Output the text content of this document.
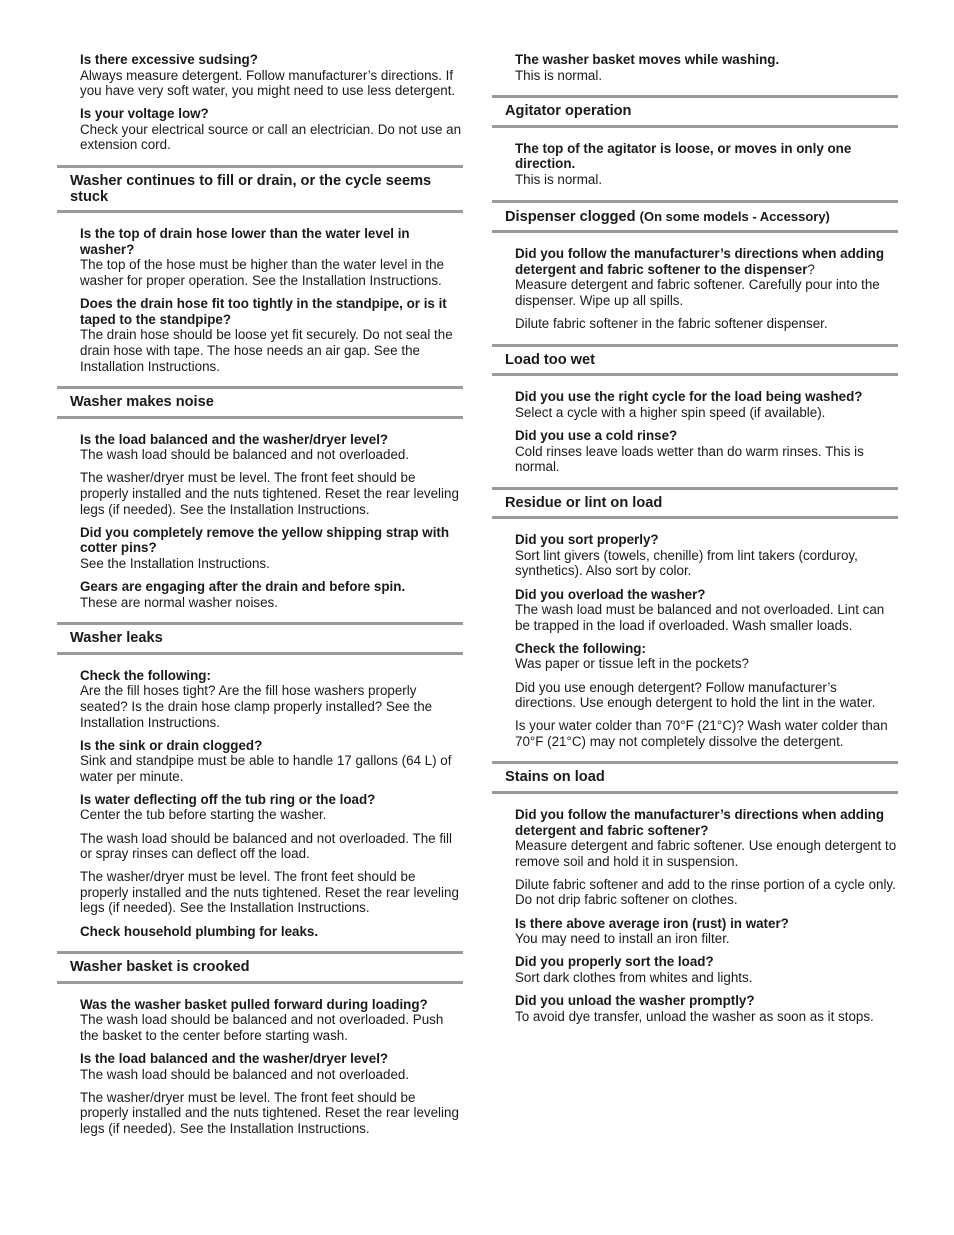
Is there excessive sudsing?
Always measure detergent. Follow manufacturer’s directions. If you have very soft water, you might need to use less detergent.
Is your voltage low?
Check your electrical source or call an electrician. Do not use an extension cord.
Washer continues to fill or drain, or the cycle seems stuck
Is the top of drain hose lower than the water level in washer?
The top of the hose must be higher than the water level in the washer for proper operation. See the Installation Instructions.
Does the drain hose fit too tightly in the standpipe, or is it taped to the standpipe?
The drain hose should be loose yet fit securely. Do not seal the drain hose with tape. The hose needs an air gap. See the Installation Instructions.
Washer makes noise
Is the load balanced and the washer/dryer level?
The wash load should be balanced and not overloaded.
The washer/dryer must be level. The front feet should be properly installed and the nuts tightened. Reset the rear leveling legs (if needed). See the Installation Instructions.
Did you completely remove the yellow shipping strap with cotter pins?
See the Installation Instructions.
Gears are engaging after the drain and before spin.
These are normal washer noises.
Washer leaks
Check the following:
Are the fill hoses tight? Are the fill hose washers properly seated? Is the drain hose clamp properly installed? See the Installation Instructions.
Is the sink or drain clogged?
Sink and standpipe must be able to handle 17 gallons (64 L) of water per minute.
Is water deflecting off the tub ring or the load?
Center the tub before starting the washer.
The wash load should be balanced and not overloaded. The fill or spray rinses can deflect off the load.
The washer/dryer must be level. The front feet should be properly installed and the nuts tightened. Reset the rear leveling legs (if needed). See the Installation Instructions.
Check household plumbing for leaks.
Washer basket is crooked
Was the washer basket pulled forward during loading?
The wash load should be balanced and not overloaded. Push the basket to the center before starting wash.
Is the load balanced and the washer/dryer level?
The wash load should be balanced and not overloaded.
The washer/dryer must be level. The front feet should be properly installed and the nuts tightened. Reset the rear leveling legs (if needed). See the Installation Instructions.
The washer basket moves while washing.
This is normal.
Agitator operation
The top of the agitator is loose, or moves in only one direction.
This is normal.
Dispenser clogged (On some models - Accessory)
Did you follow the manufacturer’s directions when adding detergent and fabric softener to the dispenser?
Measure detergent and fabric softener. Carefully pour into the dispenser. Wipe up all spills.
Dilute fabric softener in the fabric softener dispenser.
Load too wet
Did you use the right cycle for the load being washed?
Select a cycle with a higher spin speed (if available).
Did you use a cold rinse?
Cold rinses leave loads wetter than do warm rinses. This is normal.
Residue or lint on load
Did you sort properly?
Sort lint givers (towels, chenille) from lint takers (corduroy, synthetics). Also sort by color.
Did you overload the washer?
The wash load must be balanced and not overloaded. Lint can be trapped in the load if overloaded. Wash smaller loads.
Check the following:
Was paper or tissue left in the pockets?
Did you use enough detergent? Follow manufacturer’s directions. Use enough detergent to hold the lint in the water.
Is your water colder than 70°F (21°C)? Wash water colder than 70°F (21°C) may not completely dissolve the detergent.
Stains on load
Did you follow the manufacturer’s directions when adding detergent and fabric softener?
Measure detergent and fabric softener. Use enough detergent to remove soil and hold it in suspension.
Dilute fabric softener and add to the rinse portion of a cycle only. Do not drip fabric softener on clothes.
Is there above average iron (rust) in water?
You may need to install an iron filter.
Did you properly sort the load?
Sort dark clothes from whites and lights.
Did you unload the washer promptly?
To avoid dye transfer, unload the washer as soon as it stops.
